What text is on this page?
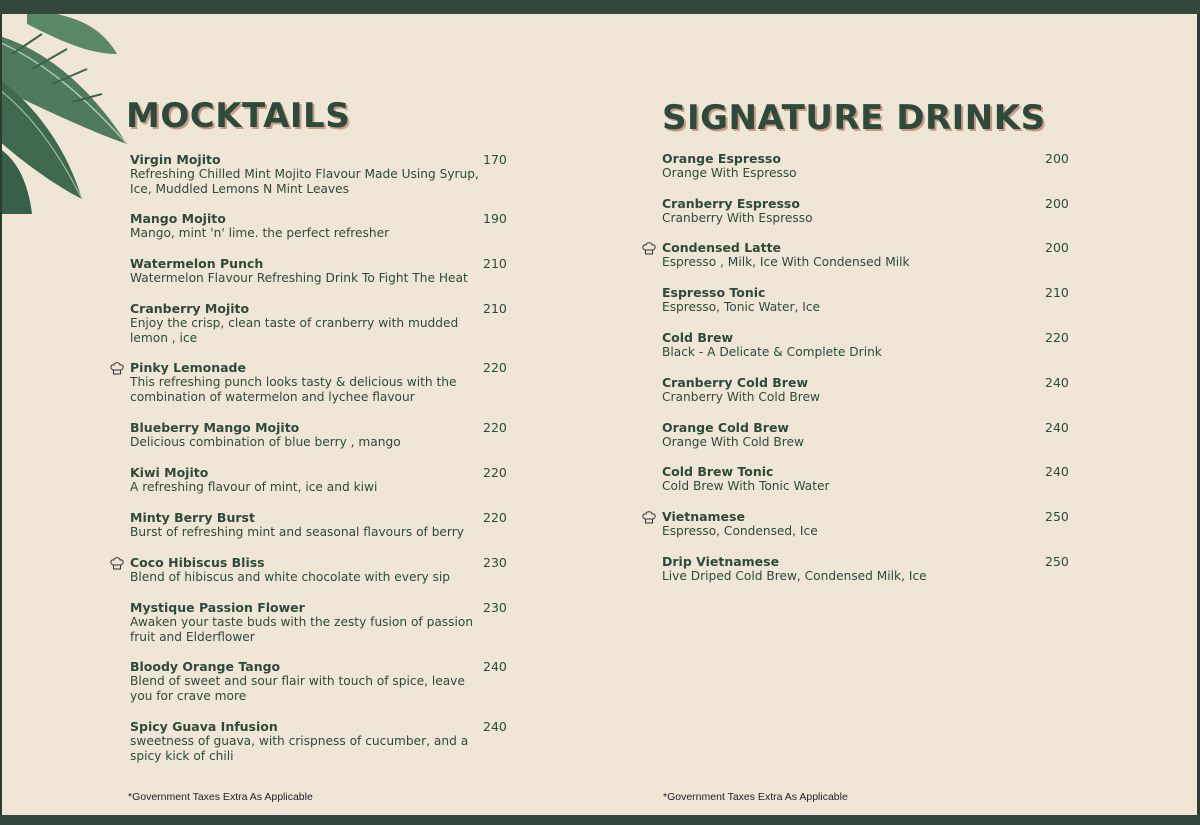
MOCKTAILS
Virgin Mojito
Refreshing Chilled Mint Mojito Flavour Made Using Syrup, Ice, Muddled Lemons N Mint Leaves
170
Mango Mojito
Mango, mint 'n' lime. the perfect refresher
190
Watermelon Punch
Watermelon Flavour Refreshing Drink To Fight The Heat
210
Cranberry Mojito
Enjoy the crisp, clean taste of cranberry with mudded lemon , ice
210
Pinky Lemonade
This refreshing punch looks tasty & delicious with the combination of watermelon and lychee flavour
220
Blueberry Mango Mojito
Delicious combination of blue berry , mango
220
Kiwi Mojito
A refreshing flavour of mint, ice and kiwi
220
Minty Berry Burst
Burst of refreshing mint and seasonal flavours of berry
220
Coco Hibiscus Bliss
Blend of hibiscus and white chocolate with every sip
230
Mystique Passion Flower
Awaken your taste buds with the zesty fusion of passion fruit and Elderflower
230
Bloody Orange Tango
Blend of sweet and sour flair with touch of spice, leave you for crave more
240
Spicy Guava Infusion
sweetness of guava, with crispness of cucumber, and a spicy kick of chili
240
*Government Taxes Extra As Applicable
SIGNATURE DRINKS
Orange Espresso
Orange With Espresso
200
Cranberry Espresso
Cranberry With Espresso
200
Condensed Latte
Espresso , Milk, Ice With Condensed Milk
200
Espresso Tonic
Espresso, Tonic Water, Ice
210
Cold Brew
Black - A Delicate & Complete Drink
220
Cranberry Cold Brew
Cranberry With Cold Brew
240
Orange Cold Brew
Orange With Cold Brew
240
Cold Brew Tonic
Cold Brew With Tonic Water
240
Vietnamese
Espresso, Condensed, Ice
250
Drip Vietnamese
Live Driped Cold Brew, Condensed Milk, Ice
250
*Government Taxes Extra As Applicable
